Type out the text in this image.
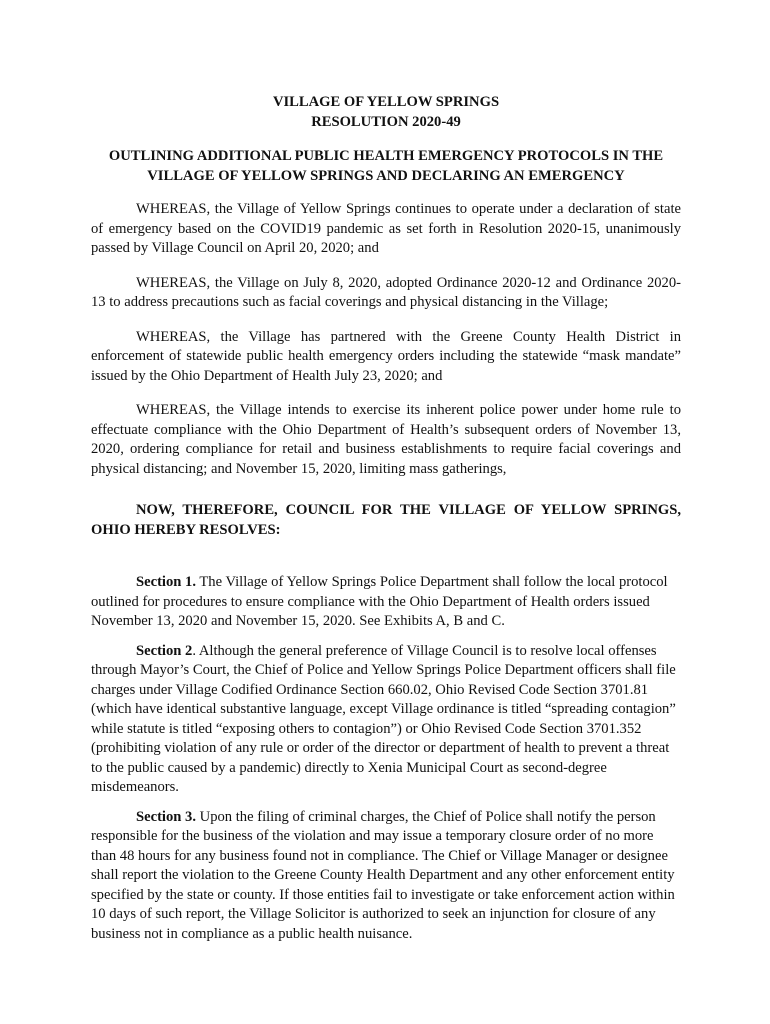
VILLAGE OF YELLOW SPRINGS

RESOLUTION 2020-49

OUTLINING ADDITIONAL PUBLIC HEALTH EMERGENCY PROTOCOLS IN THE

VILLAGE OF YELLOW SPRINGS AND DECLARING AN EMERGENCY

WHEREAS, the Village of Yellow Springs continues to operate under a declaration of state of emergency based on the COVID19 pandemic as set forth in Resolution 2020-15, unanimously passed by Village Council on April 20, 2020; and

WHEREAS, the Village on July 8, 2020, adopted Ordinance 2020-12 and Ordinance 2020-13 to address precautions such as facial coverings and physical distancing in the Village;

WHEREAS, the Village has partnered with the Greene County Health District in enforcement of statewide public health emergency orders including the statewide “mask mandate” issued by the Ohio Department of Health July 23, 2020; and

WHEREAS, the Village intends to exercise its inherent police power under home rule to effectuate compliance with the Ohio Department of Health’s subsequent orders of November 13, 2020, ordering compliance for retail and business establishments to require facial coverings and physical distancing; and November 15, 2020, limiting mass gatherings,

NOW, THEREFORE, COUNCIL FOR THE VILLAGE OF YELLOW SPRINGS, OHIO HEREBY RESOLVES:

Section 1. The Village of Yellow Springs Police Department shall follow the local protocol outlined for procedures to ensure compliance with the Ohio Department of Health orders issued November 13, 2020 and November 15, 2020. See Exhibits A, B and C.

Section 2. Although the general preference of Village Council is to resolve local offenses through Mayor’s Court, the Chief of Police and Yellow Springs Police Department officers shall file charges under Village Codified Ordinance Section 660.02, Ohio Revised Code Section 3701.81 (which have identical substantive language, except Village ordinance is titled “spreading contagion” while statute is titled “exposing others to contagion”) or Ohio Revised Code Section 3701.352 (prohibiting violation of any rule or order of the director or department of health to prevent a threat to the public caused by a pandemic) directly to Xenia Municipal Court as second-degree misdemeanors.

Section 3. Upon the filing of criminal charges, the Chief of Police shall notify the person responsible for the business of the violation and may issue a temporary closure order of no more than 48 hours for any business found not in compliance. The Chief or Village Manager or designee shall report the violation to the Greene County Health Department and any other enforcement entity specified by the state or county. If those entities fail to investigate or take enforcement action within 10 days of such report, the Village Solicitor is authorized to seek an injunction for closure of any business not in compliance as a public health nuisance.
